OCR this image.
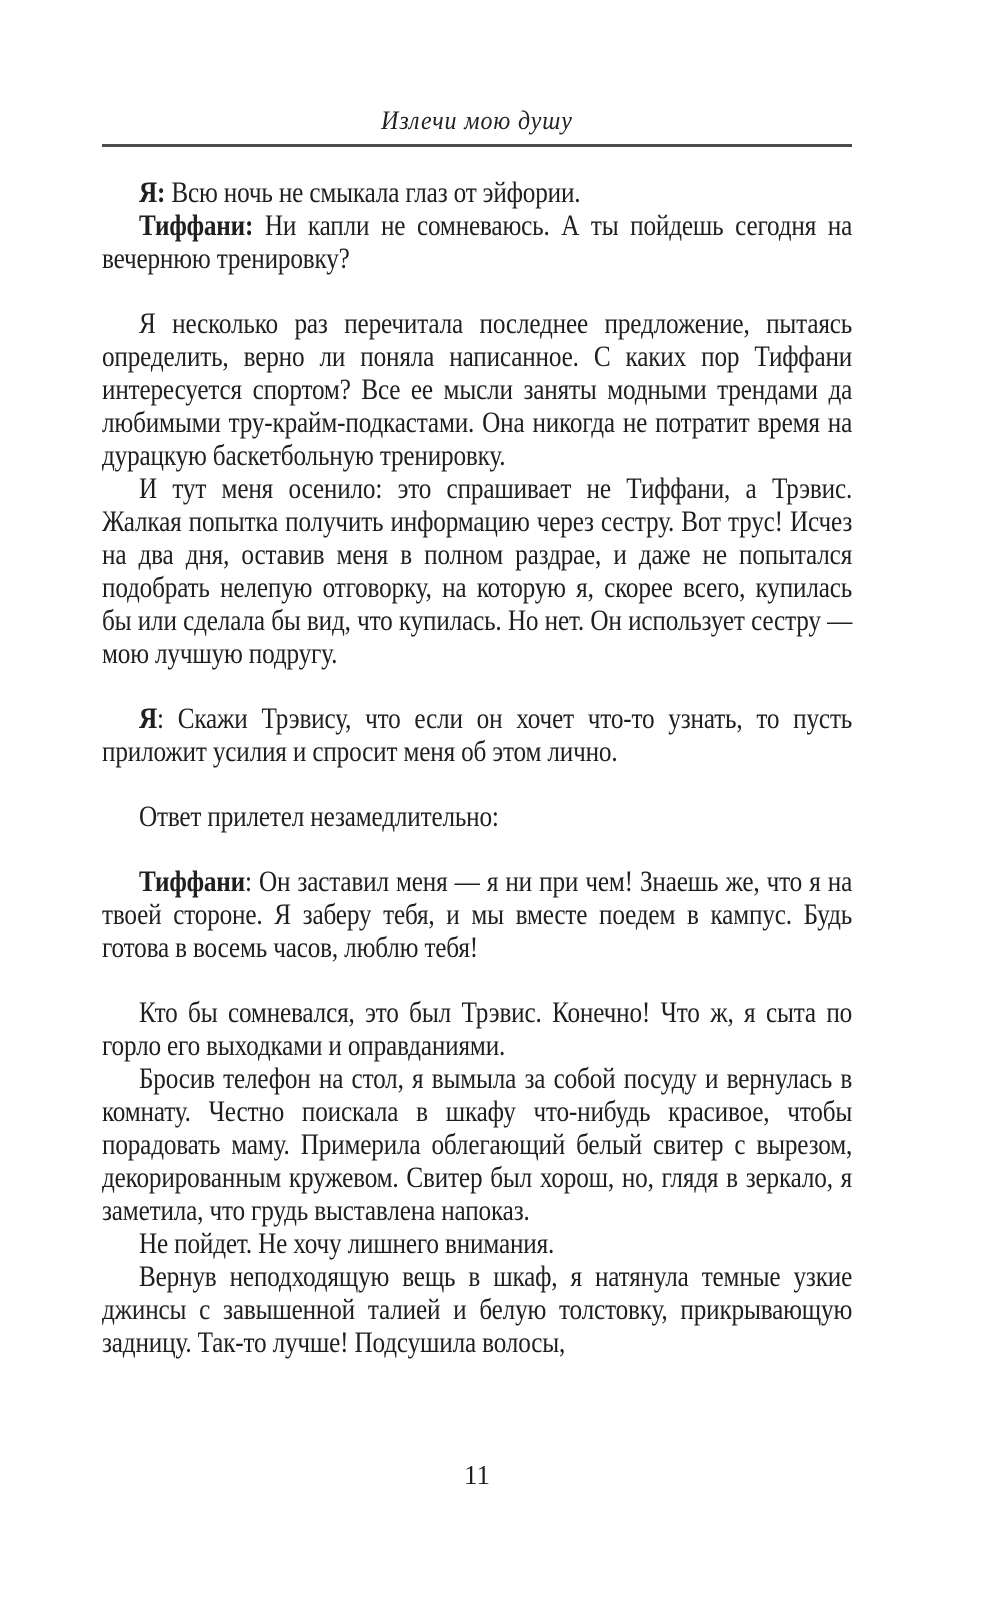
Излечи мою душу

Я: Всю ночь не смыкала глаз от эйфории.

Тиффани: Ни капли не сомневаюсь. А ты пойдешь сегодня на вечернюю тренировку?

Я несколько раз перечитала последнее предложение, пытаясь определить, верно ли поняла написанное. С каких пор Тиффани интересуется спортом? Все ее мысли заняты модными трендами да любимыми тру-крайм-подкастами. Она никогда не потратит время на дурацкую баскетбольную тренировку.

И тут меня осенило: это спрашивает не Тиффани, а Трэвис. Жалкая попытка получить информацию через сестру. Вот трус! Исчез на два дня, оставив меня в полном раздрае, и даже не попытался подобрать нелепую отговорку, на которую я, скорее всего, купилась бы или сделала бы вид, что купилась. Но нет. Он использует сестру — мою лучшую подругу.

Я: Скажи Трэвису, что если он хочет что-то узнать, то пусть приложит усилия и спросит меня об этом лично.

Ответ прилетел незамедлительно:

Тиффани: Он заставил меня — я ни при чем! Знаешь же, что я на твоей стороне. Я заберу тебя, и мы вместе поедем в кампус. Будь готова в восемь часов, люблю тебя!

Кто бы сомневался, это был Трэвис. Конечно! Что ж, я сыта по горло его выходками и оправданиями.

Бросив телефон на стол, я вымыла за собой посуду и вернулась в комнату. Честно поискала в шкафу что-нибудь красивое, чтобы порадовать маму. Примерила облегающий белый свитер с вырезом, декорированным кружевом. Свитер был хорош, но, глядя в зеркало, я заметила, что грудь выставлена напоказ.

Не пойдет. Не хочу лишнего внимания.

Вернув неподходящую вещь в шкаф, я натянула темные узкие джинсы с завышенной талией и белую толстовку, прикрывающую задницу. Так-то лучше! Подсушила волосы,

11
